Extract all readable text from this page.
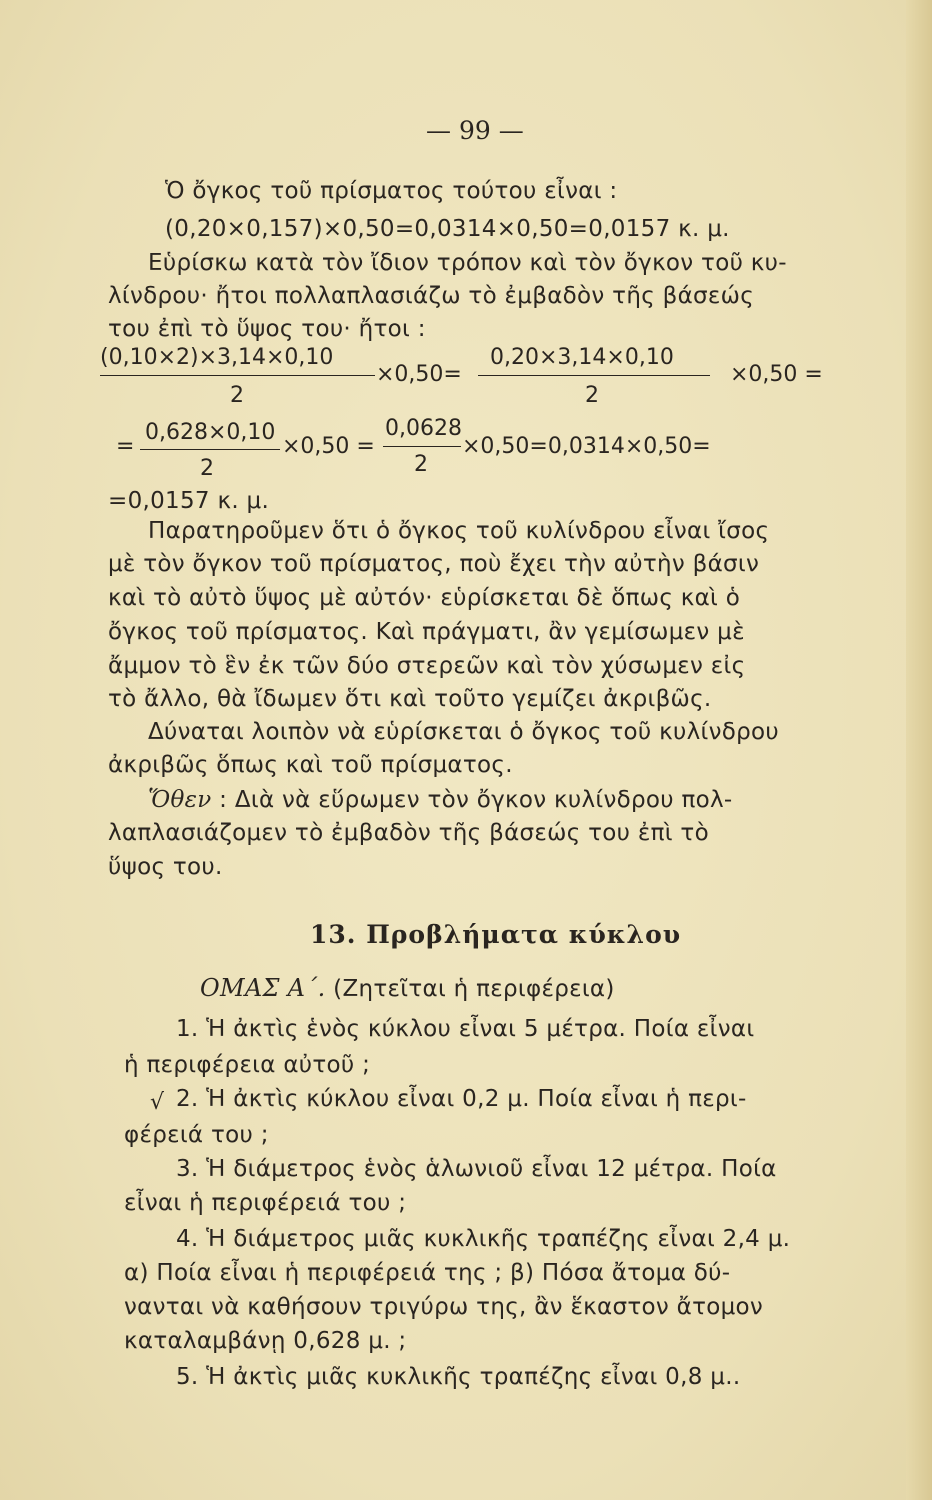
— 99 —
Ὁ ὄγκος τοῦ πρίσματος τούτου εἶναι :
(0,20×0,157)×0,50=0,0314×0,50=0,0157 κ. μ.
Εὑρίσκω κατὰ τὸν ἴδιον τρόπον καὶ τὸν ὄγκον τοῦ κυ-
λίνδρου· ἤτοι πολλαπλασιάζω τὸ ἐμβαδὸν τῆς βάσεώς
του ἐπὶ τὸ ὕψος του· ἤτοι :
(0,10×2)×3,14×0,10
2
×0,50=
0,20×3,14×0,10
2
×0,50 =
=
0,628×0,10
2
×0,50 =
0,0628
2
×0,50=0,0314×0,50=
=0,0157 κ. μ.
Παρατηροῦμεν ὅτι ὁ ὄγκος τοῦ κυλίνδρου εἶναι ἴσος
μὲ τὸν ὄγκον τοῦ πρίσματος, ποὺ ἔχει τὴν αὐτὴν βάσιν
καὶ τὸ αὐτὸ ὕψος μὲ αὐτόν· εὑρίσκεται δὲ ὅπως καὶ ὁ
ὄγκος τοῦ πρίσματος. Καὶ πράγματι, ἂν γεμίσωμεν μὲ
ἄμμον τὸ ἓν ἐκ τῶν δύο στερεῶν καὶ τὸν χύσωμεν εἰς
τὸ ἄλλο, θὰ ἴδωμεν ὅτι καὶ τοῦτο γεμίζει ἀκριβῶς.
Δύναται λοιπὸν νὰ εὑρίσκεται ὁ ὄγκος τοῦ κυλίνδρου
ἀκριβῶς ὅπως καὶ τοῦ πρίσματος.
Ὅθεν : Διὰ νὰ εὕρωμεν τὸν ὄγκον κυλίνδρου πολ-
λαπλασιάζομεν τὸ ἐμβαδὸν τῆς βάσεώς του ἐπὶ τὸ
ὕψος του.
13. Προβλήματα κύκλου
ΟΜΑΣ Α΄. (Ζητεῖται ἡ περιφέρεια)
1. Ἡ ἀκτὶς ἑνὸς κύκλου εἶναι 5 μέτρα. Ποία εἶναι
ἡ περιφέρεια αὐτοῦ ;
√ 2. Ἡ ἀκτὶς κύκλου εἶναι 0,2 μ. Ποία εἶναι ἡ περι-
φέρειά του ;
3. Ἡ διάμετρος ἑνὸς ἁλωνιοῦ εἶναι 12 μέτρα. Ποία
εἶναι ἡ περιφέρειά του ;
4. Ἡ διάμετρος μιᾶς κυκλικῆς τραπέζης εἶναι 2,4 μ.
α) Ποία εἶναι ἡ περιφέρειά της ; β) Πόσα ἄτομα δύ-
νανται νὰ καθήσουν τριγύρω της, ἂν ἕκαστον ἄτομον
καταλαμβάνῃ 0,628 μ. ;
5. Ἡ ἀκτὶς μιᾶς κυκλικῆς τραπέζης εἶναι 0,8 μ..
